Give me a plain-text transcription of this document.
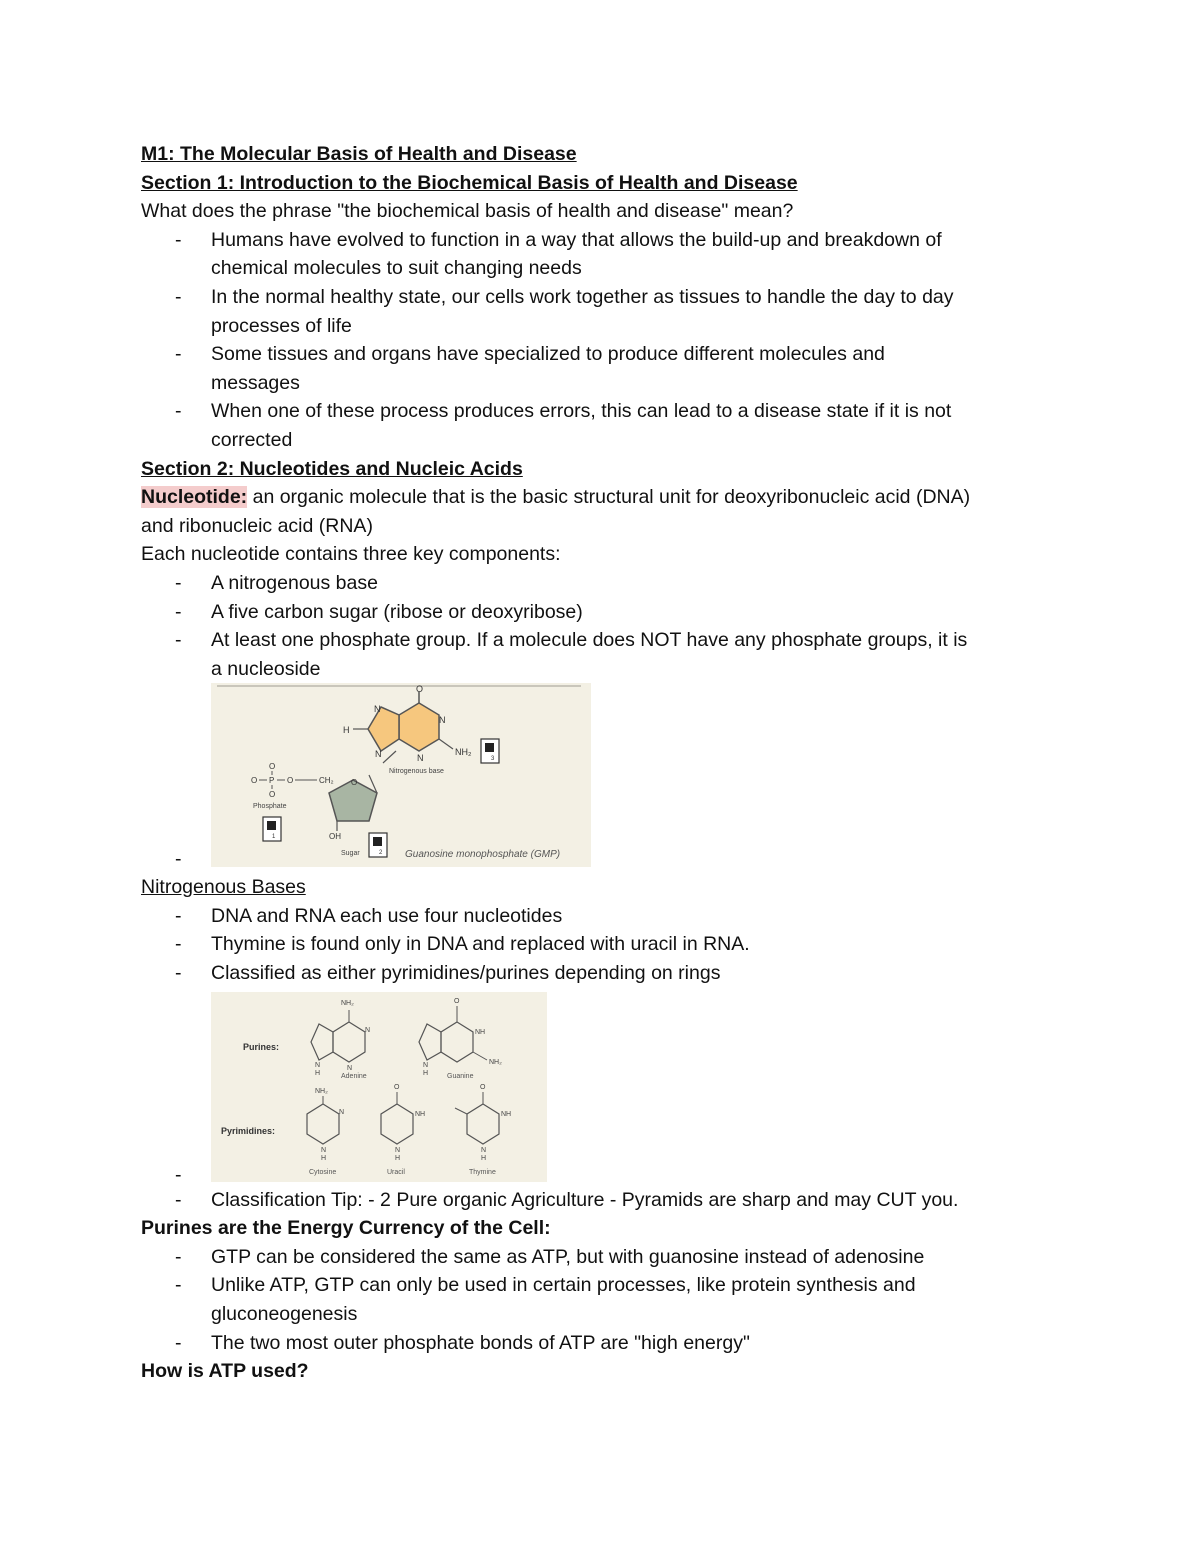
M1: The Molecular Basis of Health and Disease
Section 1: Introduction to the Biochemical Basis of Health and Disease
What does the phrase "the biochemical basis of health and disease" mean?
- Humans have evolved to function in a way that allows the build-up and breakdown of
chemical molecules to suit changing needs
- In the normal healthy state, our cells work together as tissues to handle the day to day
processes of life
- Some tissues and organs have specialized to produce different molecules and
messages
- When one of these process produces errors, this can lead to a disease state if it is not
corrected
Section 2: Nucleotides and Nucleic Acids
Nucleotide: an organic molecule that is the basic structural unit for deoxyribonucleic acid (DNA)
and ribonucleic acid (RNA)
Each nucleotide contains three key components:
- A nitrogenous base
- A five carbon sugar (ribose or deoxyribose)
- At least one phosphate group. If a molecule does NOT have any phosphate groups, it is
a nucleoside
-
O
N
N
N	N
H
NH₂
Nitrogenous base
3
O
CH₂
OH
Sugar
O
O P O
O
Phosphate
1
2 Guanosine monophosphate (GMP)
Nitrogenous Bases
- DNA and RNA each use four nucleotides
- Thymine is found only in DNA and replaced with uracil in RNA.
- Classified as either pyrimidines/purines depending on rings
-
Purines:
Pyrimidines:
NH₂
N
N
N
H	Adenine
O
NH
NH₂
N
H	Guanine
NH₂
N
N
H
Cytosine
O
NH
N
H
Uracil
O
NH
N
H
Thymine
- Classification Tip: - 2 Pure organic Agriculture - Pyramids are sharp and may CUT you.
Purines are the Energy Currency of the Cell:
- GTP can be considered the same as ATP, but with guanosine instead of adenosine
- Unlike ATP, GTP can only be used in certain processes, like protein synthesis and
gluconeogenesis
- The two most outer phosphate bonds of ATP are "high energy"
How is ATP used?
